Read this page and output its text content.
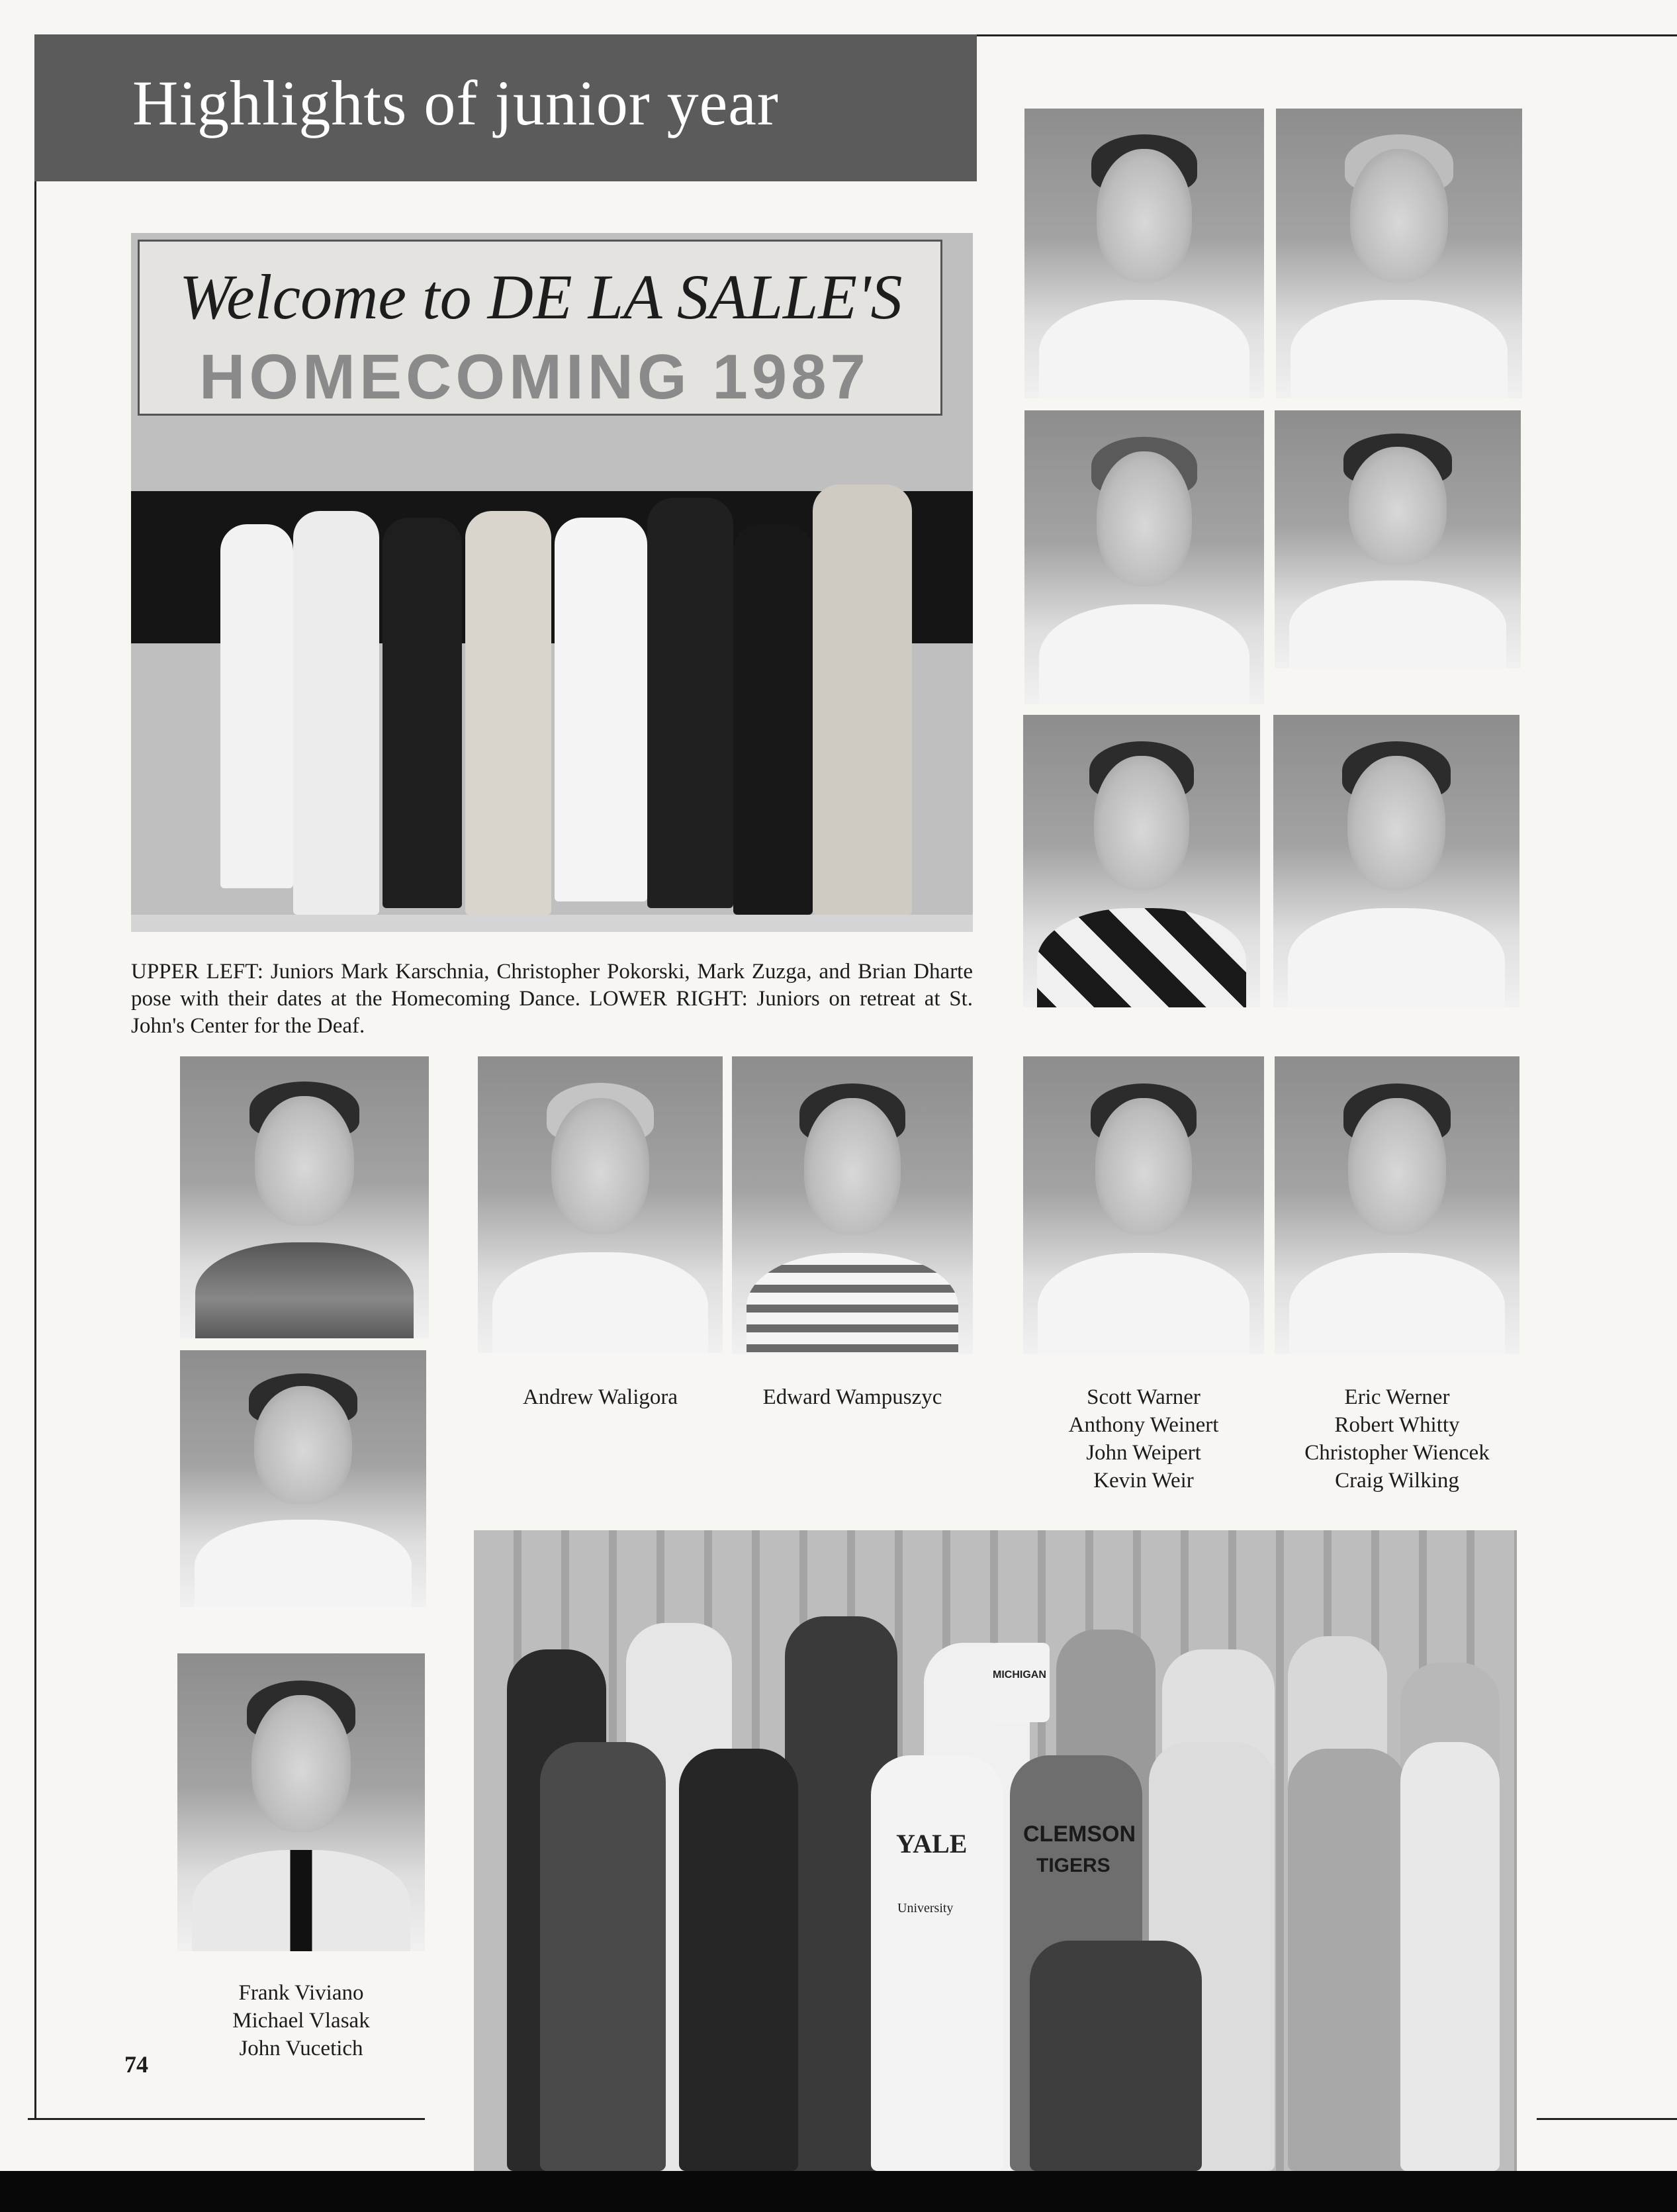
Highlights of junior year
Welcome to DE LA SALLE'S
HOMECOMING 1987
UPPER LEFT: Juniors Mark Karschnia, Christopher Pokorski, Mark Zuzga, and Brian Dharte pose with their dates at the Homecoming Dance. LOWER RIGHT: Juniors on retreat at St. John's Center for the Deaf.
Andrew Waligora	Edward Wampuszyc	Scott Warner
Anthony Weinert
John Weipert
Kevin Weir
Eric Werner
Robert Whitty
Christopher Wiencek
Craig Wilking
Frank Viviano
Michael Vlasak
John Vucetich
YALE
University
CLEMSON
TIGERS
MICHIGAN
74
